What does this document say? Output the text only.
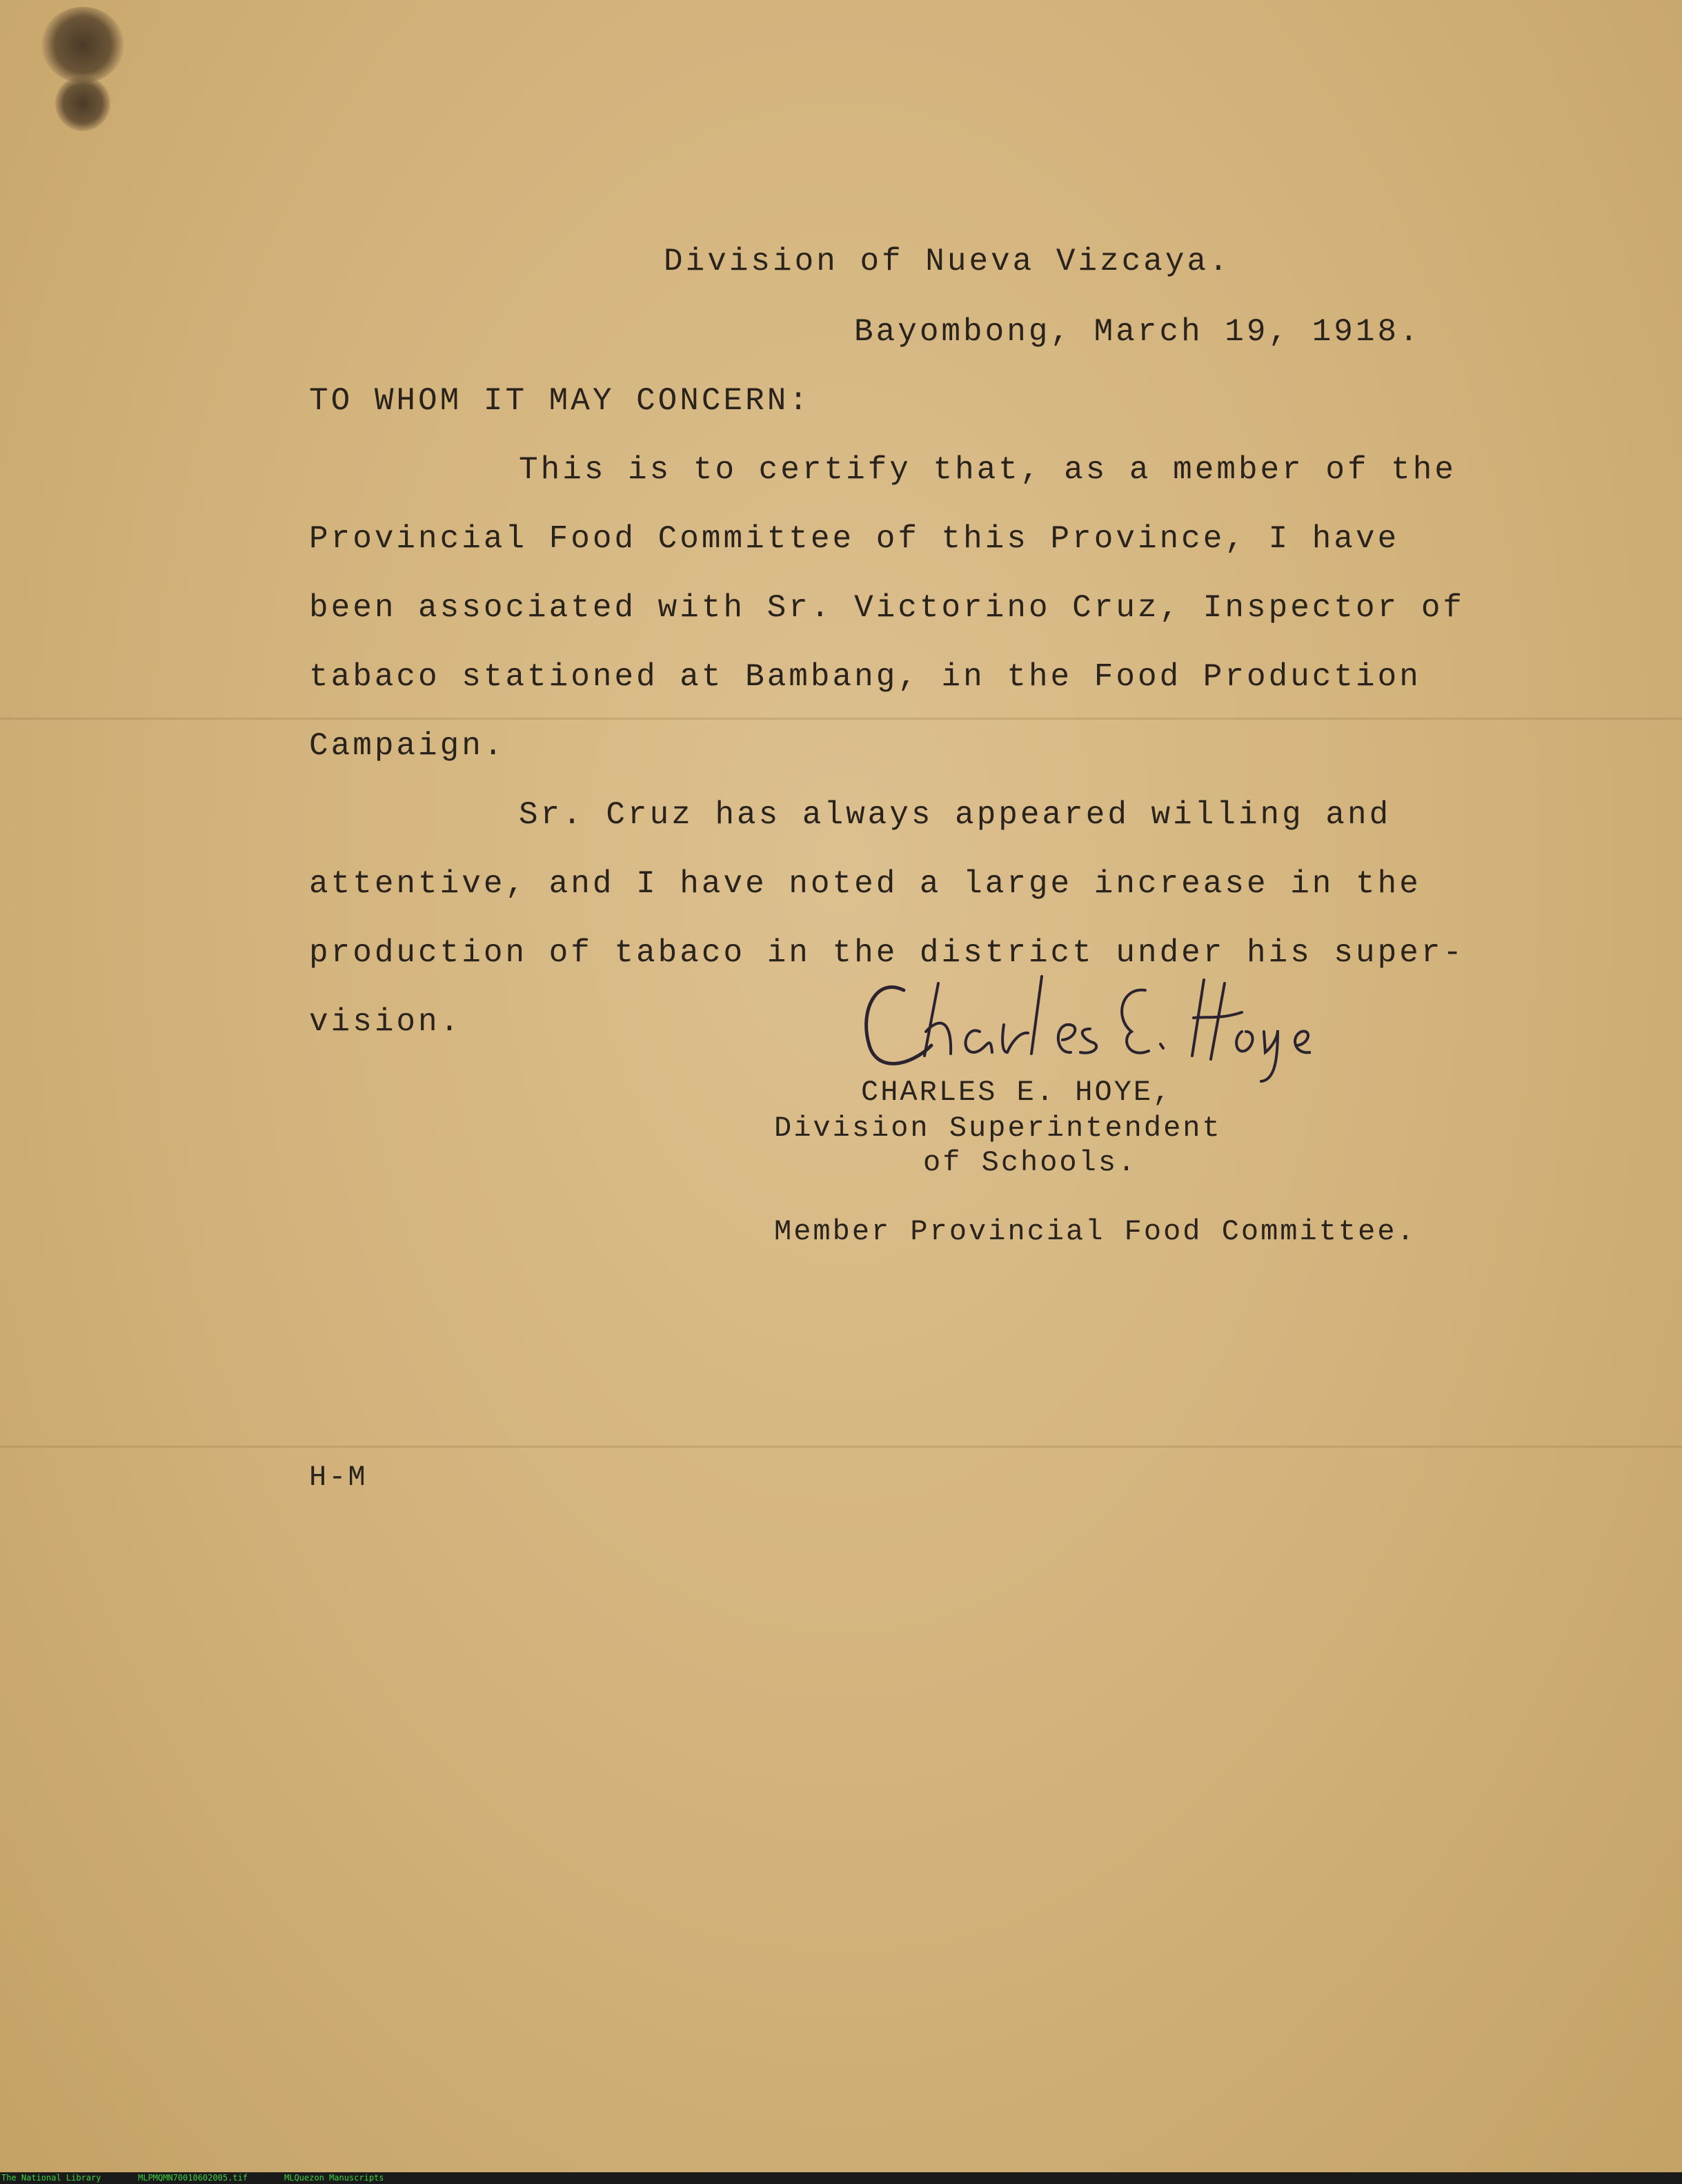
Division of Nueva Vizcaya.
Bayombong, March 19, 1918.
TO WHOM IT MAY CONCERN:
This is to certify that, as a member of the
Provincial Food Committee of this Province, I have
been associated with Sr. Victorino Cruz, Inspector of
tabaco stationed at Bambang, in the Food Production
Campaign.
Sr. Cruz has always appeared willing and
attentive, and I have noted a large increase in the
production of tabaco in the district under his super-
vision.
CHARLES E. HOYE,
Division Superintendent
of Schools.
Member Provincial Food Committee.
H-M
The National Library	MLPMQMN70010602005.tif	MLQuezon Manuscripts
